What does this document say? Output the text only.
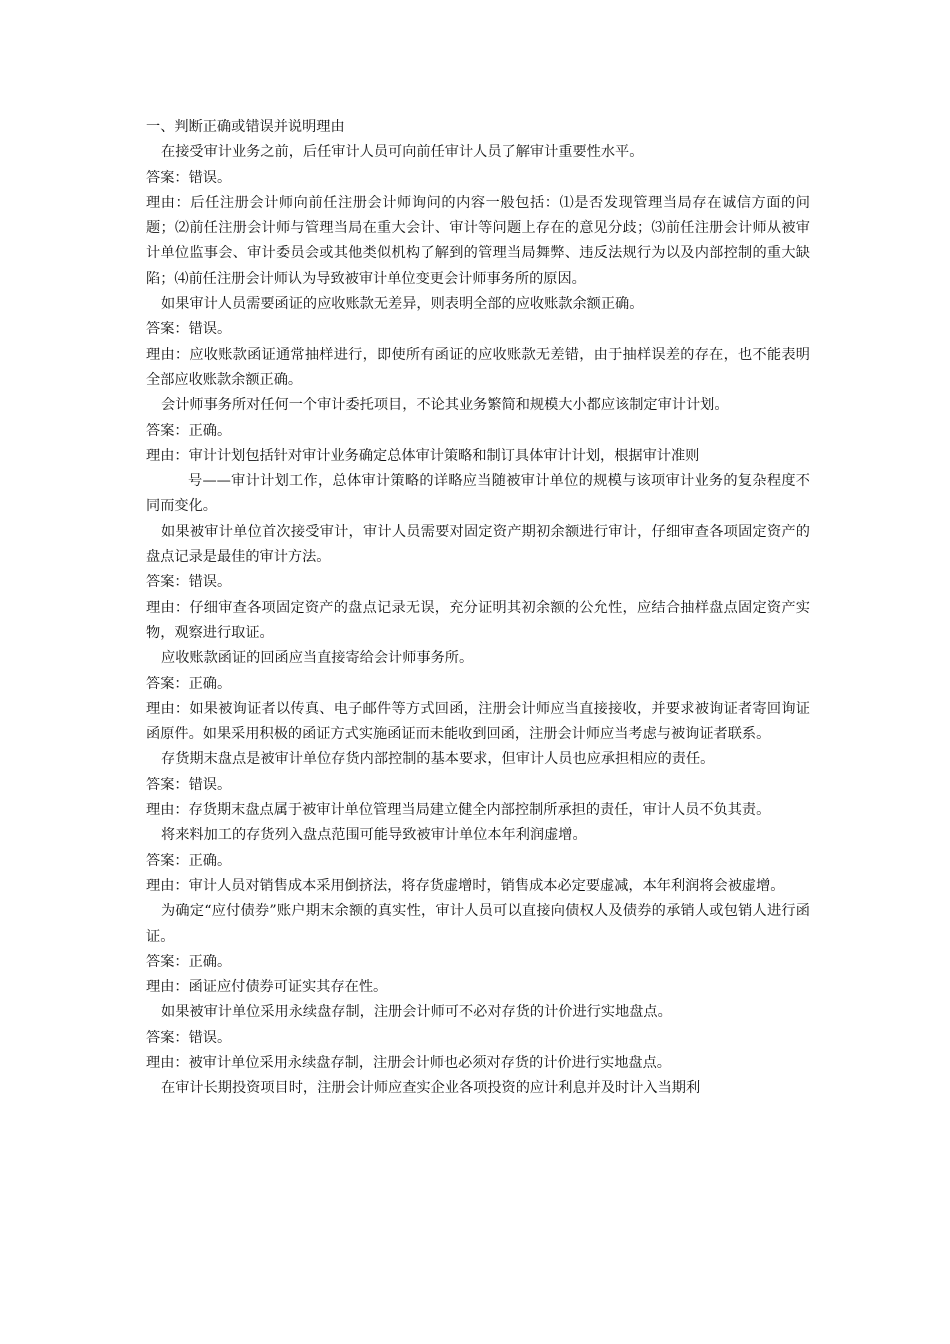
一、判断正确或错误并说明理由

在接受审计业务之前，后任审计人员可向前任审计人员了解审计重要性水平。

答案：错误。

理由：后任注册会计师向前任注册会计师询问的内容一般包括：⑴是否发现管理当局存在诚信方面的问题；⑵前任注册会计师与管理当局在重大会计、审计等问题上存在的意见分歧；⑶前任注册会计师从被审计单位监事会、审计委员会或其他类似机构了解到的管理当局舞弊、违反法规行为以及内部控制的重大缺陷；⑷前任注册会计师认为导致被审计单位变更会计师事务所的原因。

如果审计人员需要函证的应收账款无差异，则表明全部的应收账款余额正确。

答案：错误。

理由：应收账款函证通常抽样进行，即使所有函证的应收账款无差错，由于抽样误差的存在，也不能表明全部应收账款余额正确。

会计师事务所对任何一个审计委托项目，不论其业务繁简和规模大小都应该制定审计计划。

答案：正确。

理由：审计计划包括针对审计业务确定总体审计策略和制订具体审计计划，根据审计准则

号——审计计划工作，总体审计策略的详略应当随被审计单位的规模与该项审计业务的复杂程度不同而变化。

如果被审计单位首次接受审计，审计人员需要对固定资产期初余额进行审计，仔细审查各项固定资产的盘点记录是最佳的审计方法。

答案：错误。

理由：仔细审查各项固定资产的盘点记录无误，充分证明其初余额的公允性，应结合抽样盘点固定资产实物，观察进行取证。

应收账款函证的回函应当直接寄给会计师事务所。

答案：正确。

理由：如果被询证者以传真、电子邮件等方式回函，注册会计师应当直接接收，并要求被询证者寄回询证函原件。如果采用积极的函证方式实施函证而未能收到回函，注册会计师应当考虑与被询证者联系。

存货期末盘点是被审计单位存货内部控制的基本要求，但审计人员也应承担相应的责任。

答案：错误。

理由：存货期末盘点属于被审计单位管理当局建立健全内部控制所承担的责任，审计人员不负其责。

将来料加工的存货列入盘点范围可能导致被审计单位本年利润虚增。

答案：正确。

理由：审计人员对销售成本采用倒挤法，将存货虚增时，销售成本必定要虚减，本年利润将会被虚增。

为确定“应付债券”账户期末余额的真实性，审计人员可以直接向债权人及债券的承销人或包销人进行函证。

答案：正确。

理由：函证应付债券可证实其存在性。

如果被审计单位采用永续盘存制，注册会计师可不必对存货的计价进行实地盘点。

答案：错误。

理由：被审计单位采用永续盘存制，注册会计师也必须对存货的计价进行实地盘点。

在审计长期投资项目时，注册会计师应查实企业各项投资的应计利息并及时计入当期利
